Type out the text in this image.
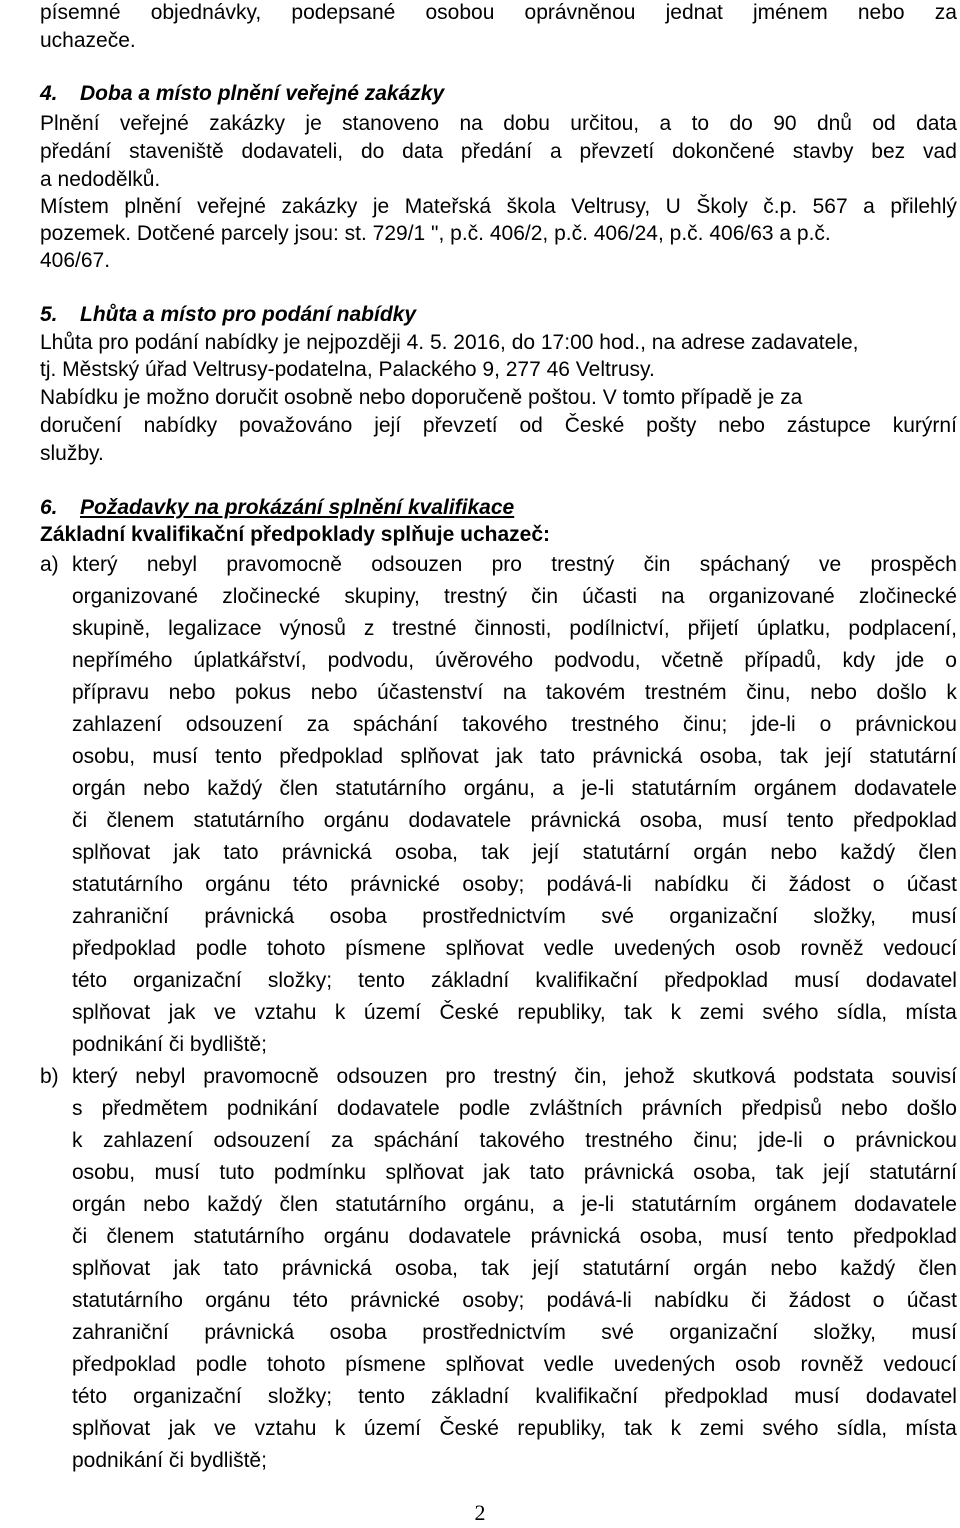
písemné objednávky, podepsané osobou oprávněnou jednat jménem nebo za
uchazeče.
4. Doba a místo plnění veřejné zakázky
Plnění veřejné zakázky je stanoveno na dobu určitou, a to do 90 dnů od data
předání staveniště dodavateli, do data předání a převzetí dokončené stavby bez vad
a nedodělků.
Místem plnění veřejné zakázky je Mateřská škola Veltrusy, U Školy č.p. 567 a přilehlý
pozemek. Dotčené parcely jsou: st. 729/1 ", p.č. 406/2, p.č. 406/24, p.č. 406/63 a p.č.
406/67.
5. Lhůta a místo pro podání nabídky
Lhůta pro podání nabídky je nejpozději 4. 5. 2016, do 17:00 hod., na adrese zadavatele,
tj. Městský úřad Veltrusy-podatelna, Palackého 9, 277 46 Veltrusy.
Nabídku je možno doručit osobně nebo doporučeně poštou. V tomto případě je za
doručení nabídky považováno její převzetí od České pošty nebo zástupce kurýrní
služby.
6. Požadavky na prokázání splnění kvalifikace
Základní kvalifikační předpoklady splňuje uchazeč:
a) který nebyl pravomocně odsouzen pro trestný čin spáchaný ve prospěch
organizované zločinecké skupiny, trestný čin účasti na organizované zločinecké
skupině, legalizace výnosů z trestné činnosti, podílnictví, přijetí úplatku, podplacení,
nepřímého úplatkářství, podvodu, úvěrového podvodu, včetně případů, kdy jde o
přípravu nebo pokus nebo účastenství na takovém trestném činu, nebo došlo k
zahlazení odsouzení za spáchání takového trestného činu; jde-li o právnickou
osobu, musí tento předpoklad splňovat jak tato právnická osoba, tak její statutární
orgán nebo každý člen statutárního orgánu, a je-li statutárním orgánem dodavatele
či členem statutárního orgánu dodavatele právnická osoba, musí tento předpoklad
splňovat jak tato právnická osoba, tak její statutární orgán nebo každý člen
statutárního orgánu této právnické osoby; podává-li nabídku či žádost o účast
zahraniční právnická osoba prostřednictvím své organizační složky, musí
předpoklad podle tohoto písmene splňovat vedle uvedených osob rovněž vedoucí
této organizační složky; tento základní kvalifikační předpoklad musí dodavatel
splňovat jak ve vztahu k území České republiky, tak k zemi svého sídla, místa
podnikání či bydliště;
b) který nebyl pravomocně odsouzen pro trestný čin, jehož skutková podstata souvisí
s předmětem podnikání dodavatele podle zvláštních právních předpisů nebo došlo
k zahlazení odsouzení za spáchání takového trestného činu; jde-li o právnickou
osobu, musí tuto podmínku splňovat jak tato právnická osoba, tak její statutární
orgán nebo každý člen statutárního orgánu, a je-li statutárním orgánem dodavatele
či členem statutárního orgánu dodavatele právnická osoba, musí tento předpoklad
splňovat jak tato právnická osoba, tak její statutární orgán nebo každý člen
statutárního orgánu této právnické osoby; podává-li nabídku či žádost o účast
zahraniční právnická osoba prostřednictvím své organizační složky, musí
předpoklad podle tohoto písmene splňovat vedle uvedených osob rovněž vedoucí
této organizační složky; tento základní kvalifikační předpoklad musí dodavatel
splňovat jak ve vztahu k území České republiky, tak k zemi svého sídla, místa
podnikání či bydliště;
2
